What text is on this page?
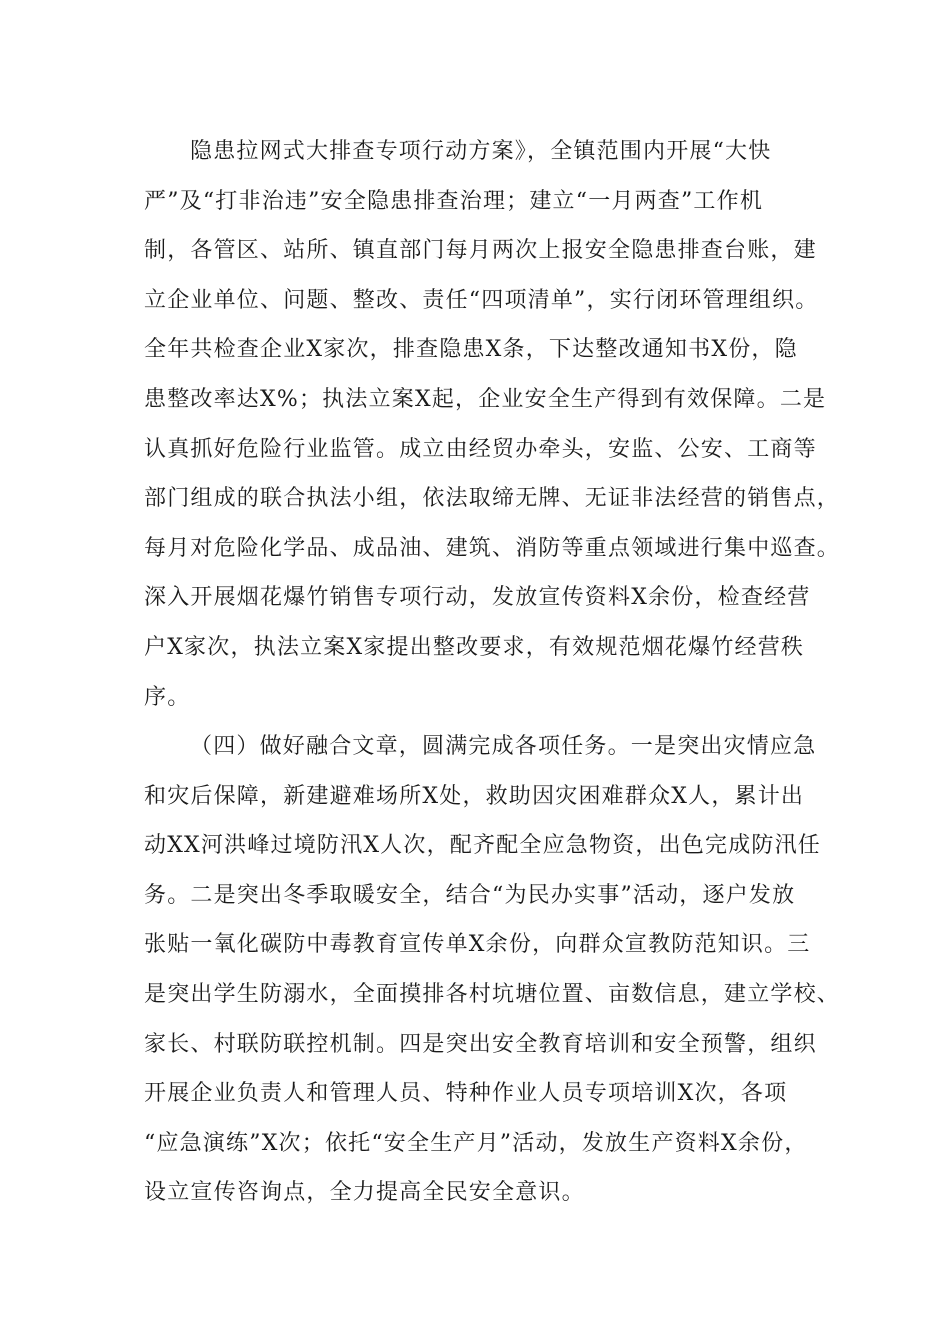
隐患拉网式大排查专项行动方案》，全镇范围内开展“大快
严”及“打非治违”安全隐患排查治理；建立“一月两查”工作机
制，各管区、站所、镇直部门每月两次上报安全隐患排查台账，建
立企业单位、问题、整改、责任“四项清单”，实行闭环管理组织。
全年共检查企业X家次，排查隐患X条，下达整改通知书X份，隐
患整改率达X%；执法立案X起，企业安全生产得到有效保障。二是
认真抓好危险行业监管。成立由经贸办牵头，安监、公安、工商等
部门组成的联合执法小组，依法取缔无牌、无证非法经营的销售点，
每月对危险化学品、成品油、建筑、消防等重点领域进行集中巡查。
深入开展烟花爆竹销售专项行动，发放宣传资料X余份，检查经营
户X家次，执法立案X家提出整改要求，有效规范烟花爆竹经营秩
序。
（四）做好融合文章，圆满完成各项任务。一是突出灾情应急
和灾后保障，新建避难场所X处，救助因灾困难群众X人，累计出
动XX河洪峰过境防汛X人次，配齐配全应急物资，出色完成防汛任
务。二是突出冬季取暖安全，结合“为民办实事”活动，逐户发放
张贴一氧化碳防中毒教育宣传单X余份，向群众宣教防范知识。三
是突出学生防溺水，全面摸排各村坑塘位置、亩数信息，建立学校、
家长、村联防联控机制。四是突出安全教育培训和安全预警，组织
开展企业负责人和管理人员、特种作业人员专项培训X次，各项
“应急演练”X次；依托“安全生产月”活动，发放生产资料X余份，
设立宣传咨询点，全力提高全民安全意识。
